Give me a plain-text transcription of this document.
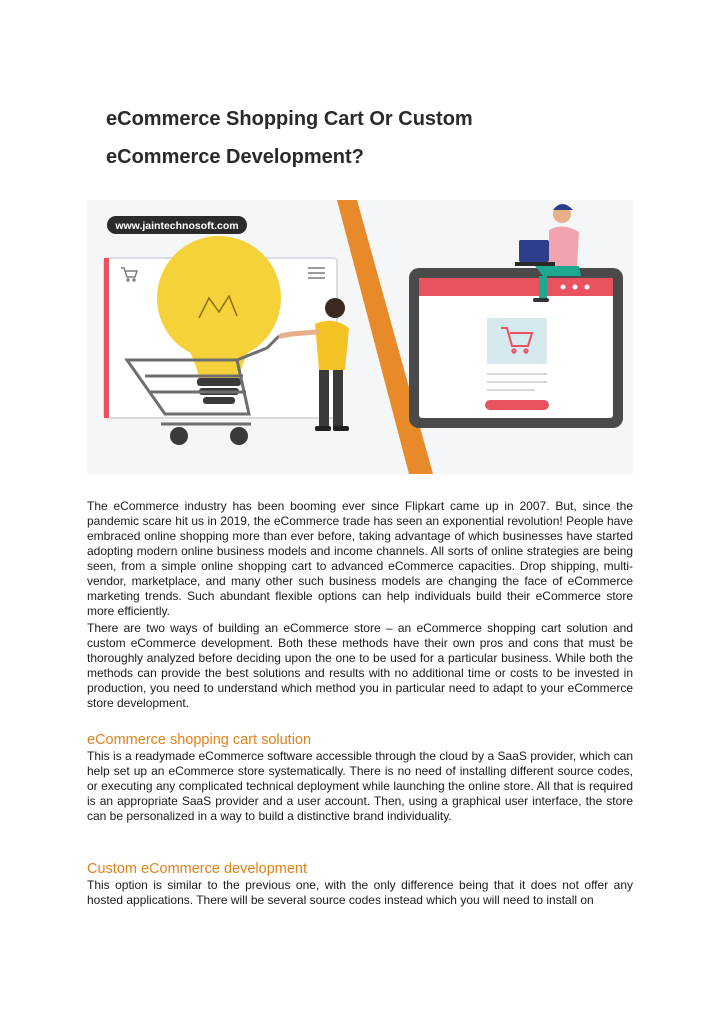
eCommerce Shopping Cart Or Custom
eCommerce Development?
www.jaintechnosoft.com

The eCommerce industry has been booming ever since Flipkart came up in 2007. But, since the pandemic scare hit us in 2019, the eCommerce trade has seen an exponential revolution! People have embraced online shopping more than ever before, taking advantage of which businesses have started adopting modern online business models and income channels. All sorts of online strategies are being seen, from a simple online shopping cart to advanced eCommerce capacities. Drop shipping, multi-vendor, marketplace, and many other such business models are changing the face of eCommerce marketing trends. Such abundant flexible options can help individuals build their eCommerce store more efficiently.

There are two ways of building an eCommerce store – an eCommerce shopping cart solution and custom eCommerce development. Both these methods have their own pros and cons that must be thoroughly analyzed before deciding upon the one to be used for a particular business. While both the methods can provide the best solutions and results with no additional time or costs to be invested in production, you need to understand which method you in particular need to adapt to your eCommerce store development.

eCommerce shopping cart solution

This is a readymade eCommerce software accessible through the cloud by a SaaS provider, which can help set up an eCommerce store systematically. There is no need of installing different source codes, or executing any complicated technical deployment while launching the online store. All that is required is an appropriate SaaS provider and a user account. Then, using a graphical user interface, the store can be personalized in a way to build a distinctive brand individuality.

Custom eCommerce development

This option is similar to the previous one, with the only difference being that it does not offer any hosted applications. There will be several source codes instead which you will need to install on
